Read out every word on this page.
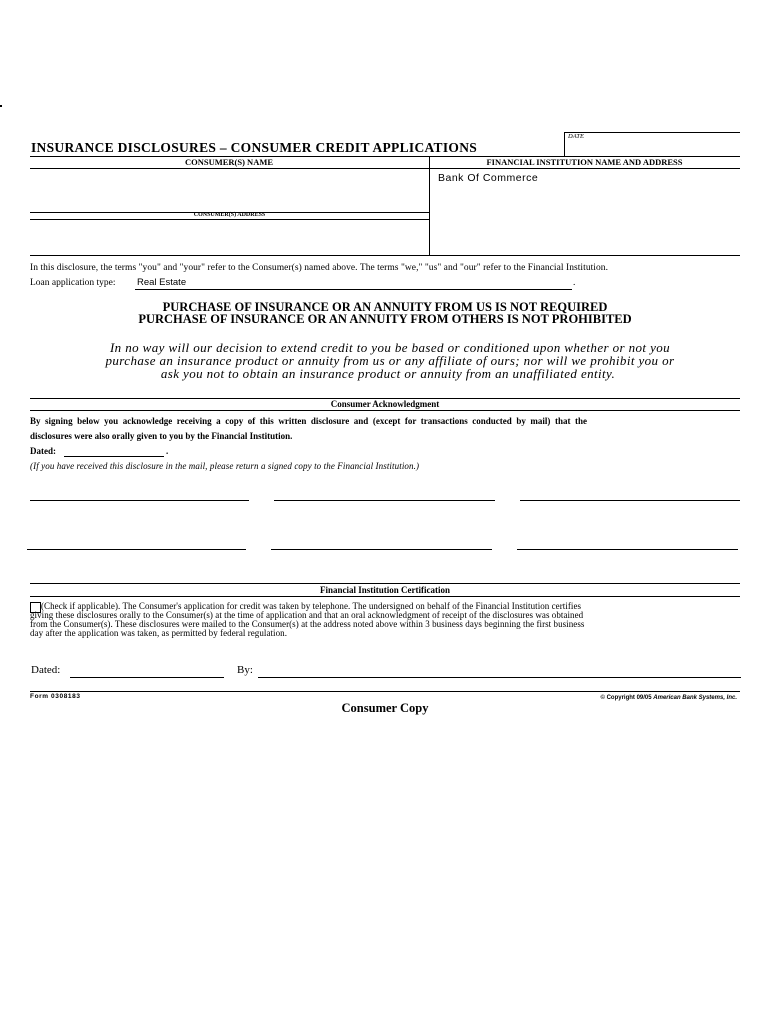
DATE
INSURANCE DISCLOSURES – CONSUMER CREDIT APPLICATIONS
CONSUMER(S) NAME	FINANCIAL INSTITUTION NAME AND ADDRESS
Bank Of Commerce
CONSUMER(S) ADDRESS
In this disclosure, the terms "you" and "your" refer to the Consumer(s) named above. The terms "we," "us" and "our" refer to the Financial Institution.
Loan application type: Real Estate	.
PURCHASE OF INSURANCE OR AN ANNUITY FROM US IS NOT REQUIRED
PURCHASE OF INSURANCE OR AN ANNUITY FROM OTHERS IS NOT PROHIBITED
In no way will our decision to extend credit to you be based or conditioned upon whether or not you
purchase an insurance product or annuity from us or any affiliate of ours; nor will we prohibit you or
ask you not to obtain an insurance product or annuity from an unaffiliated entity.
Consumer Acknowledgment
By signing below you acknowledge receiving a copy of this written disclosure and (except for transactions conducted by mail) that the
disclosures were also orally given to you by the Financial Institution.
Dated:	.
(If you have received this disclosure in the mail, please return a signed copy to the Financial Institution.)
Financial Institution Certification
(Check if applicable). The Consumer's application for credit was taken by telephone. The undersigned on behalf of the Financial Institution certifies
giving these disclosures orally to the Consumer(s) at the time of application and that an oral acknowledgment of receipt of the disclosures was obtained
from the Consumer(s). These disclosures were mailed to the Consumer(s) at the address noted above within 3 business days beginning the first business
day after the application was taken, as permitted by federal regulation.
Dated:	By:
Form 0308183	© Copyright 09/05 American Bank Systems, Inc.
Consumer Copy
